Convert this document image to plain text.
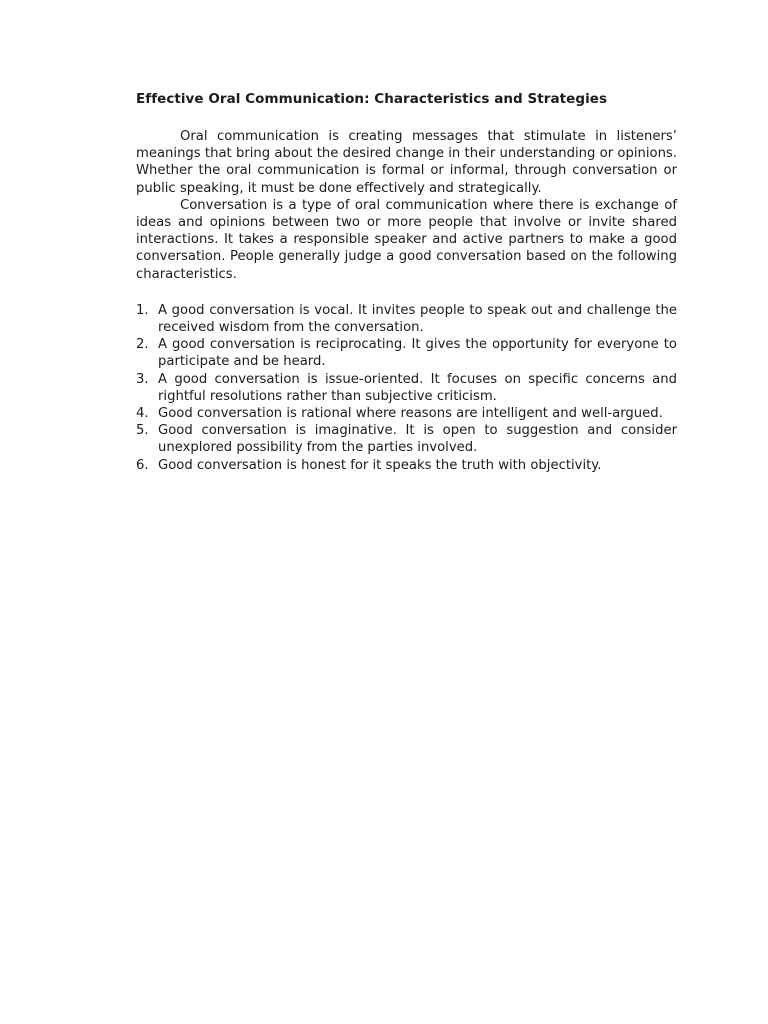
Effective Oral Communication: Characteristics and Strategies

Oral communication is creating messages that stimulate in listeners’ meanings that bring about the desired change in their understanding or opinions. Whether the oral communication is formal or informal, through conversation or public speaking, it must be done effectively and strategically.

Conversation is a type of oral communication where there is exchange of ideas and opinions between two or more people that involve or invite shared interactions. It takes a responsible speaker and active partners to make a good conversation. People generally judge a good conversation based on the following characteristics.

1. A good conversation is vocal. It invites people to speak out and challenge the received wisdom from the conversation.
2. A good conversation is reciprocating. It gives the opportunity for everyone to participate and be heard.
3. A good conversation is issue-oriented. It focuses on specific concerns and rightful resolutions rather than subjective criticism.
4. Good conversation is rational where reasons are intelligent and well-argued.
5. Good conversation is imaginative. It is open to suggestion and consider unexplored possibility from the parties involved.
6. Good conversation is honest for it speaks the truth with objectivity.
